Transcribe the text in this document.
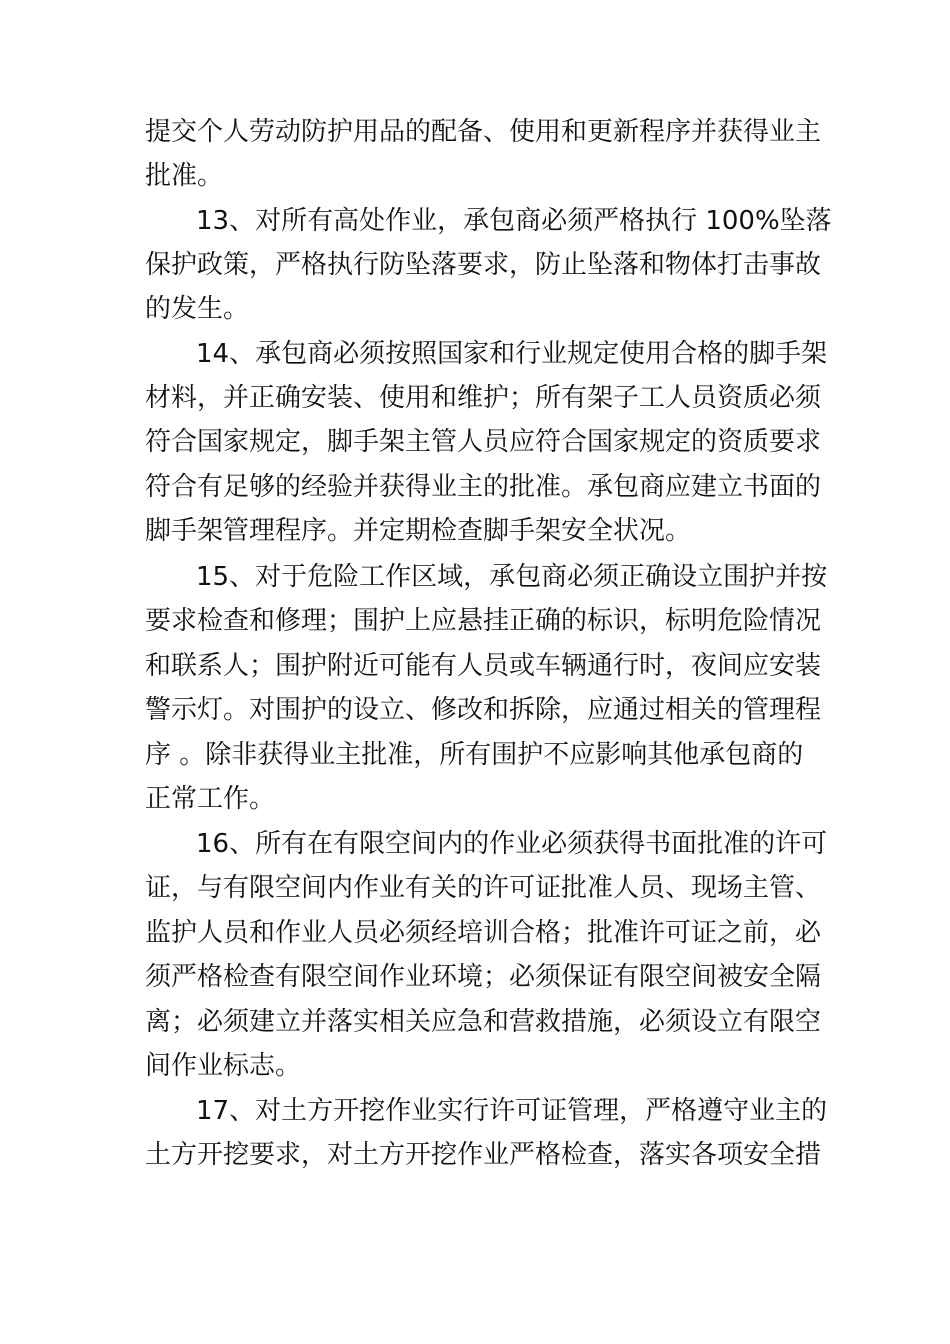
提交个人劳动防护用品的配备、使用和更新程序并获得业主
批准。
13、对所有高处作业，承包商必须严格执行 100%坠落
保护政策，严格执行防坠落要求，防止坠落和物体打击事故
的发生。
14、承包商必须按照国家和行业规定使用合格的脚手架
材料，并正确安装、使用和维护；所有架子工人员资质必须
符合国家规定，脚手架主管人员应符合国家规定的资质要求
符合有足够的经验并获得业主的批准。承包商应建立书面的
脚手架管理程序。并定期检查脚手架安全状况。
15、对于危险工作区域，承包商必须正确设立围护并按
要求检查和修理；围护上应悬挂正确的标识，标明危险情况
和联系人；围护附近可能有人员或车辆通行时，夜间应安装
警示灯。对围护的设立、修改和拆除，应通过相关的管理程
序 。除非获得业主批准，所有围护不应影响其他承包商的
正常工作。
16、所有在有限空间内的作业必须获得书面批准的许可
证，与有限空间内作业有关的许可证批准人员、现场主管、
监护人员和作业人员必须经培训合格；批准许可证之前，必
须严格检查有限空间作业环境；必须保证有限空间被安全隔
离；必须建立并落实相关应急和营救措施，必须设立有限空
间作业标志。
17、对土方开挖作业实行许可证管理，严格遵守业主的
土方开挖要求，对土方开挖作业严格检查，落实各项安全措
